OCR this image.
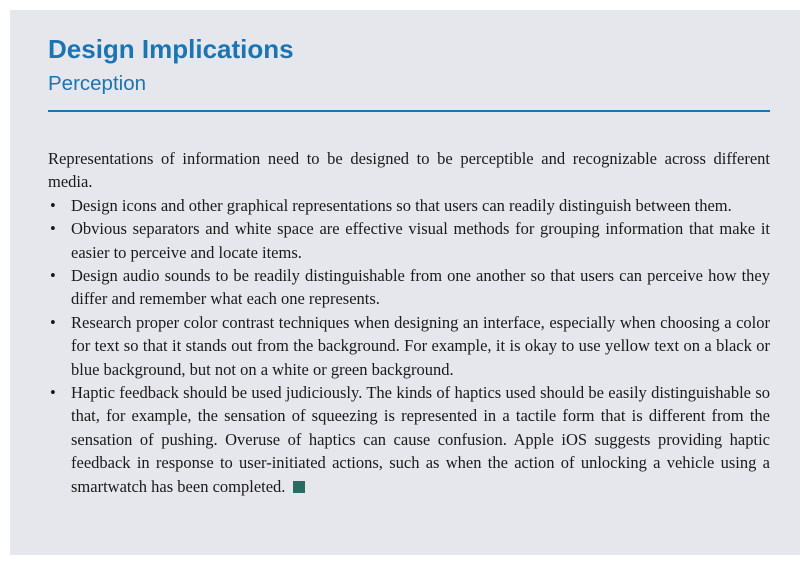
Design Implications
Perception

Representations of information need to be designed to be perceptible and recognizable across different media.

• Design icons and other graphical representations so that users can readily distinguish between them.
• Obvious separators and white space are effective visual methods for grouping information that make it easier to perceive and locate items.
• Design audio sounds to be readily distinguishable from one another so that users can perceive how they differ and remember what each one represents.
• Research proper color contrast techniques when designing an interface, especially when choosing a color for text so that it stands out from the background. For example, it is okay to use yellow text on a black or blue background, but not on a white or green background.
• Haptic feedback should be used judiciously. The kinds of haptics used should be easily distinguishable so that, for example, the sensation of squeezing is represented in a tactile form that is different from the sensation of pushing. Overuse of haptics can cause confusion. Apple iOS suggests providing haptic feedback in response to user-initiated actions, such as when the action of unlocking a vehicle using a smartwatch has been completed.
